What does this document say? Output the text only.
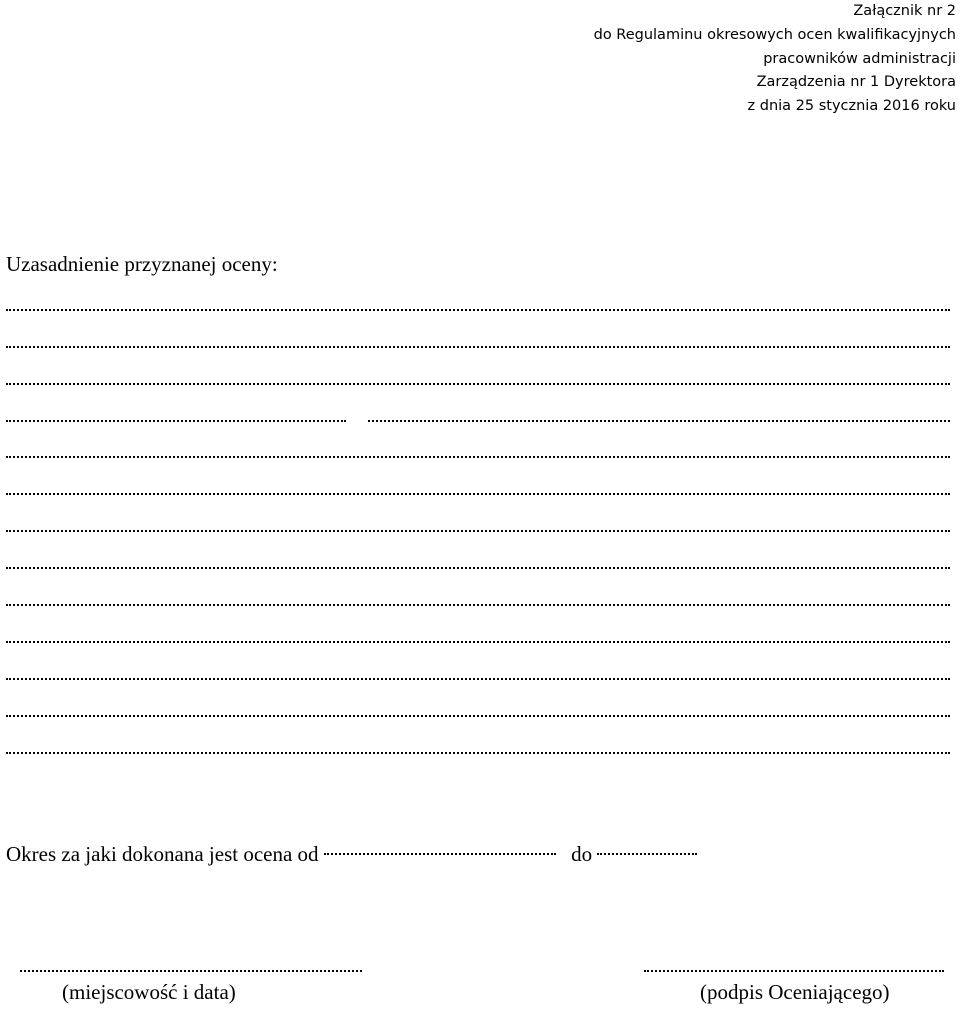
Załącznik nr 2
do Regulaminu okresowych ocen kwalifikacyjnych
pracowników administracji
Zarządzenia nr 1 Dyrektora
z dnia 25 stycznia 2016 roku
Uzasadnienie przyznanej oceny:
Okres za jaki dokonana jest ocena od	do
(miejscowość i data)	(podpis Oceniającego)
